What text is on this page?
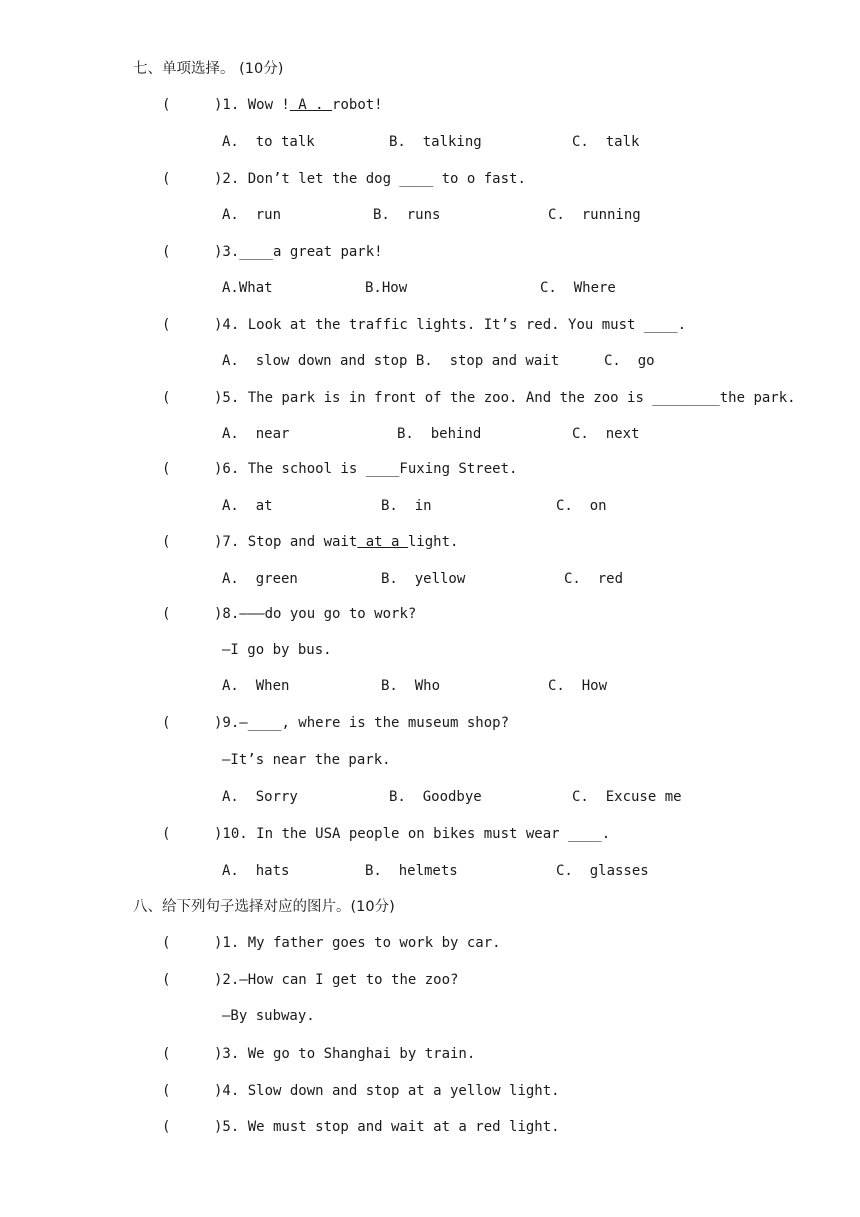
七、单项选择。 (10分)
(	)1. Wow ! A . robot!
A.  to talk	B.  talking	C.  talk
(	)2. Don’t let the dog ____ to o fast.
A.  run	B.  runs	C.  running
(	)3.____a great park!
A.What	B.How	C.  Where
(	)4. Look at the traffic lights. It’s red. You must ____.
A.  slow down and stop B.  stop and wait	C.  go
(	)5. The park is in front of the zoo. And the zoo is ________the park.
A.  near	B.  behind	C.  next
(	)6. The school is ____Fuxing Street.
A.  at	B.  in	C.  on
(	)7. Stop and wait at a light.
A.  green	B.  yellow	C.  red
(	)8.———do you go to work?
—I go by bus.
A.  When	B.  Who	C.  How
(	)9.—____, where is the museum shop?
—It’s near the park.
A.  Sorry	B.  Goodbye	C.  Excuse me
(	)10. In the USA people on bikes must wear ____.
A.  hats	B.  helmets	C.  glasses
八、给下列句子选择对应的图片。(10分)
(	)1. My father goes to work by car.
(	)2.—How can I get to the zoo?
—By subway.
(	)3. We go to Shanghai by train.
(	)4. Slow down and stop at a yellow light.
(	)5. We must stop and wait at a red light.
